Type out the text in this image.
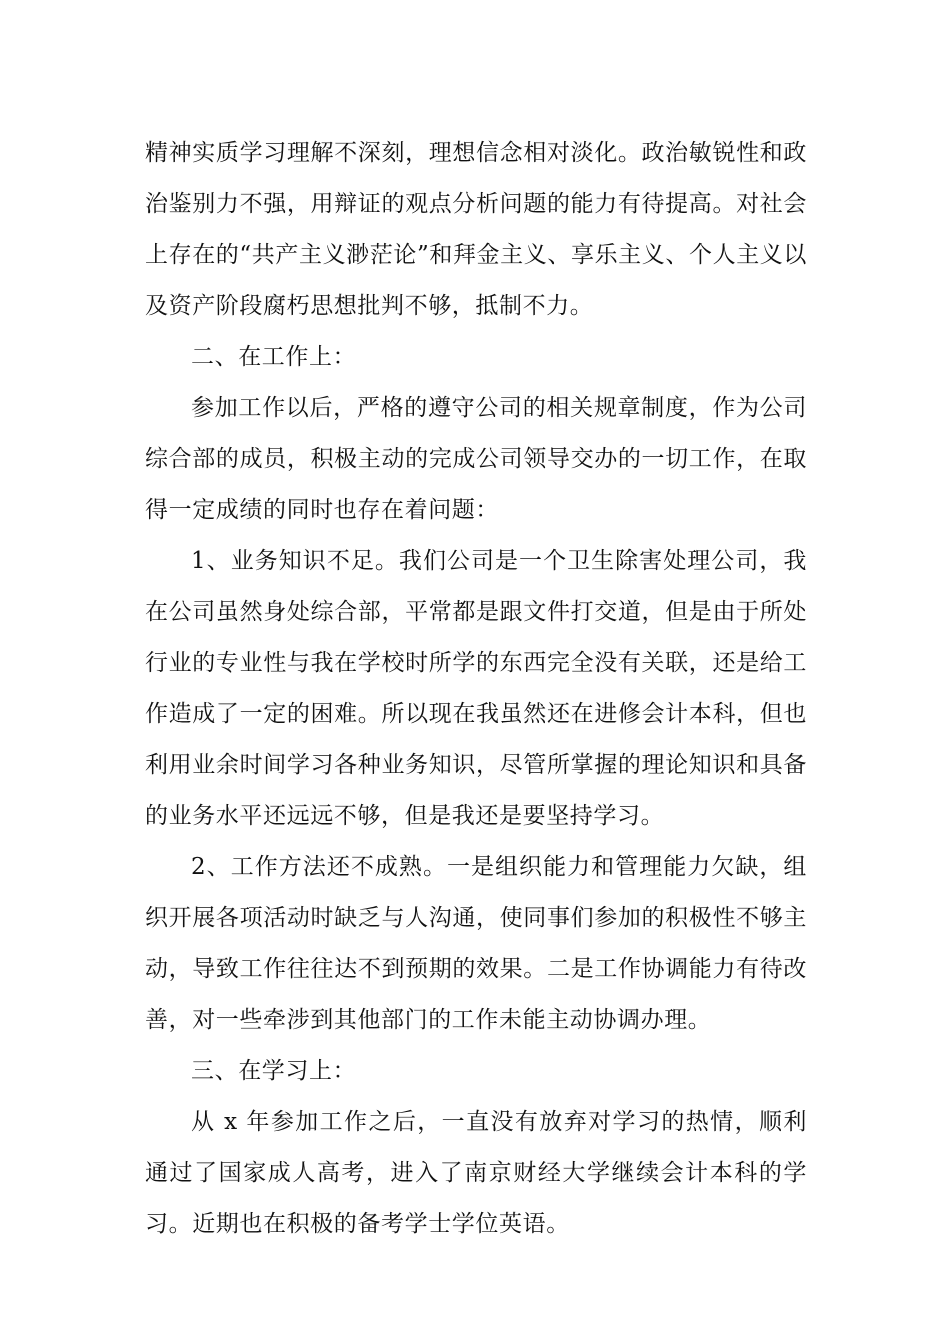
精神实质学习理解不深刻，理想信念相对淡化。政治敏锐性和政治鉴别力不强，用辩证的观点分析问题的能力有待提高。对社会上存在的“共产主义渺茫论”和拜金主义、享乐主义、个人主义以及资产阶段腐朽思想批判不够，抵制不力。

二、在工作上：

参加工作以后，严格的遵守公司的相关规章制度，作为公司综合部的成员，积极主动的完成公司领导交办的一切工作，在取得一定成绩的同时也存在着问题：

1、业务知识不足。我们公司是一个卫生除害处理公司，我在公司虽然身处综合部，平常都是跟文件打交道，但是由于所处行业的专业性与我在学校时所学的东西完全没有关联，还是给工作造成了一定的困难。所以现在我虽然还在进修会计本科，但也利用业余时间学习各种业务知识，尽管所掌握的理论知识和具备的业务水平还远远不够，但是我还是要坚持学习。

2、工作方法还不成熟。一是组织能力和管理能力欠缺，组织开展各项活动时缺乏与人沟通，使同事们参加的积极性不够主动，导致工作往往达不到预期的效果。二是工作协调能力有待改善，对一些牵涉到其他部门的工作未能主动协调办理。

三、在学习上：

从 x 年参加工作之后，一直没有放弃对学习的热情，顺利通过了国家成人高考，进入了南京财经大学继续会计本科的学习。近期也在积极的备考学士学位英语。
